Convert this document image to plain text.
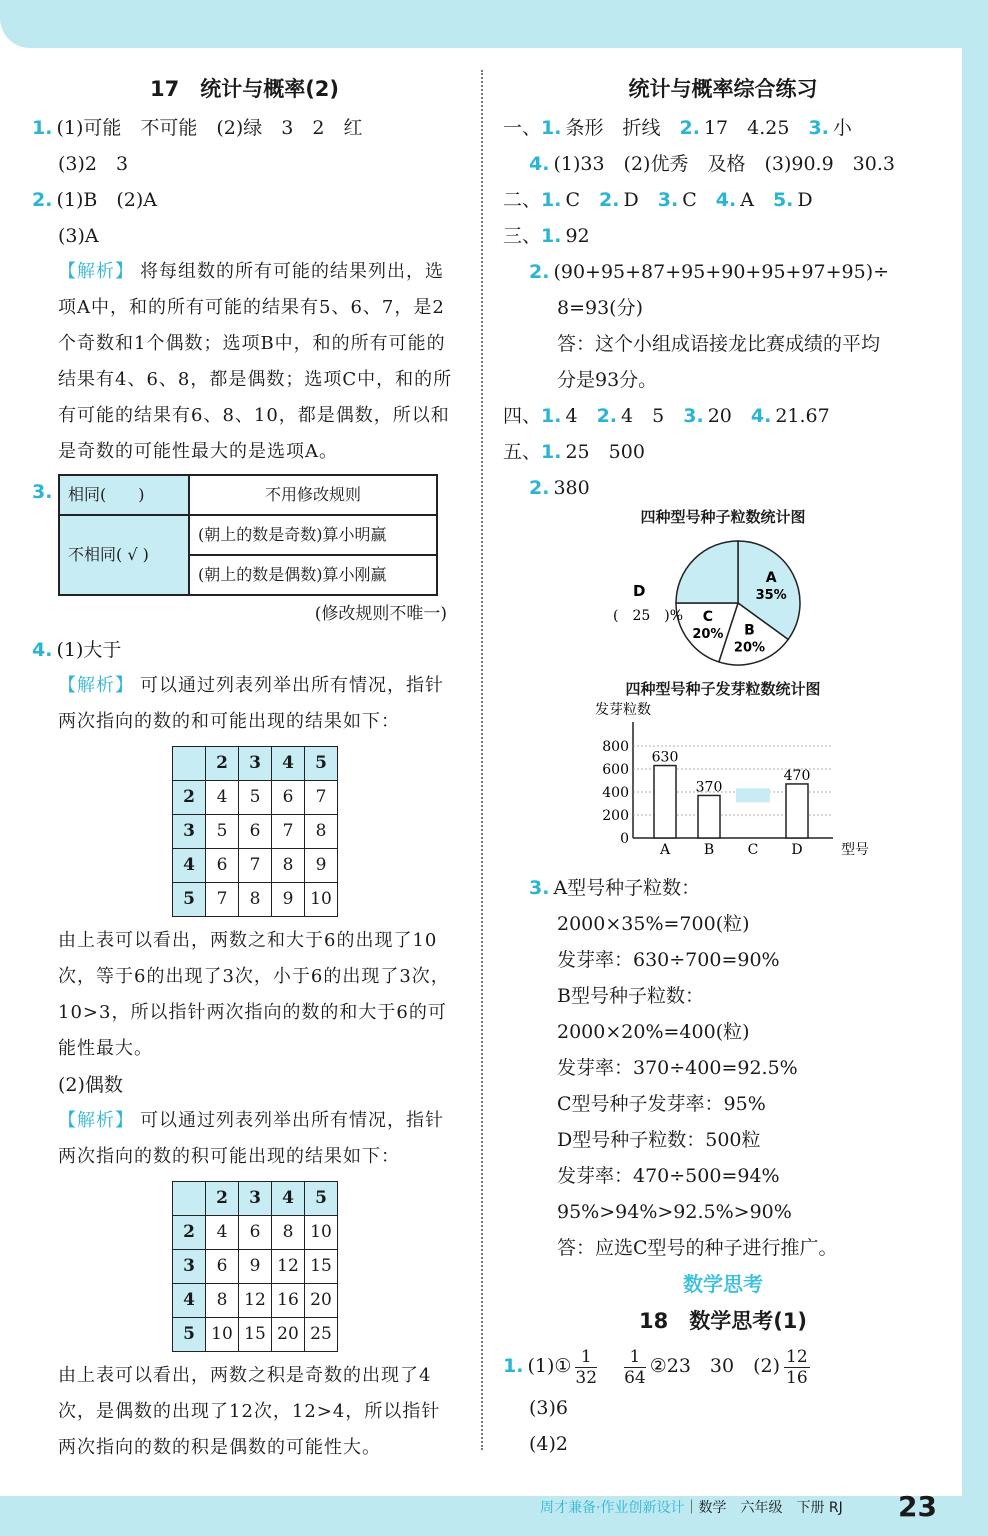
17　统计与概率(2)
1. (1)可能　不可能　(2)绿　3　2　红
(3)2　3
2. (1)B　(2)A
(3)A
【解析】 将每组数的所有可能的结果列出，选项A中，和的所有可能的结果有5、6、7，是2个奇数和1个偶数；选项B中，和的所有可能的结果有4、6、8，都是偶数；选项C中，和的所有可能的结果有6、8、10，都是偶数，所以和是奇数的可能性最大的是选项A。
3. 相同(　　)	不用修改规则
不相同( √ )	(朝上的数是奇数)算小明赢
	(朝上的数是偶数)算小刚赢
(修改规则不唯一)
4. (1)大于
【解析】 可以通过列表列举出所有情况，指针两次指向的数的和可能出现的结果如下：
	2	3	4	5
2	4	5	6	7
3	5	6	7	8
4	6	7	8	9
5	7	8	9	10
由上表可以看出，两数之和大于6的出现了10次，等于6的出现了3次，小于6的出现了3次，10>3，所以指针两次指向的数的和大于6的可能性最大。
(2)偶数
【解析】 可以通过列表列举出所有情况，指针两次指向的数的积可能出现的结果如下：
	2	3	4	5
2	4	6	8	10
3	6	9	12	15
4	8	12	16	20
5	10	15	20	25
由上表可以看出，两数之积是奇数的出现了4次，是偶数的出现了12次，12>4，所以指针两次指向的数的积是偶数的可能性大。
统计与概率综合练习
一、1. 条形　折线　 2. 17　4.25　 3. 小
4. (1)33　(2)优秀　及格　(3)90.9　30.3
二、1. C　 2. D　 3. C　 4. A　 5. D
三、1. 92
2. (90+95+87+95+90+95+97+95)÷
8=93(分)
答：这个小组成语接龙比赛成绩的平均
分是93分。
四、1. 4　 2. 4　5　 3. 20　 4. 21.67
五、1. 25　500
2. 380
四种型号种子粒数统计图
A
35%
B
20%
C
20%
D
(　25　)%
四种型号种子发芽粒数统计图
发芽粒数
0
200
400
600
800
630
A
370
B C
470
D	型号
3. A型号种子粒数：
2000×35%=700(粒)
发芽率：630÷700=90%
B型号种子粒数：
2000×20%=400(粒)
发芽率：370÷400=92.5%
C型号种子发芽率：95%
D型号种子粒数：500粒
发芽率：470÷500=94%
95%>94%>92.5%>90%
答：应选C型号的种子进行推广。
数学思考
18　数学思考(1)
1. (1)① $\frac{1}{32}$
　 $\frac{1}{64}$ ②23　30　$(2) \frac{12}{16}$
(3)6
(4)2
周才兼备·作业创新设计｜数学　六年级　下册 RJ 23
